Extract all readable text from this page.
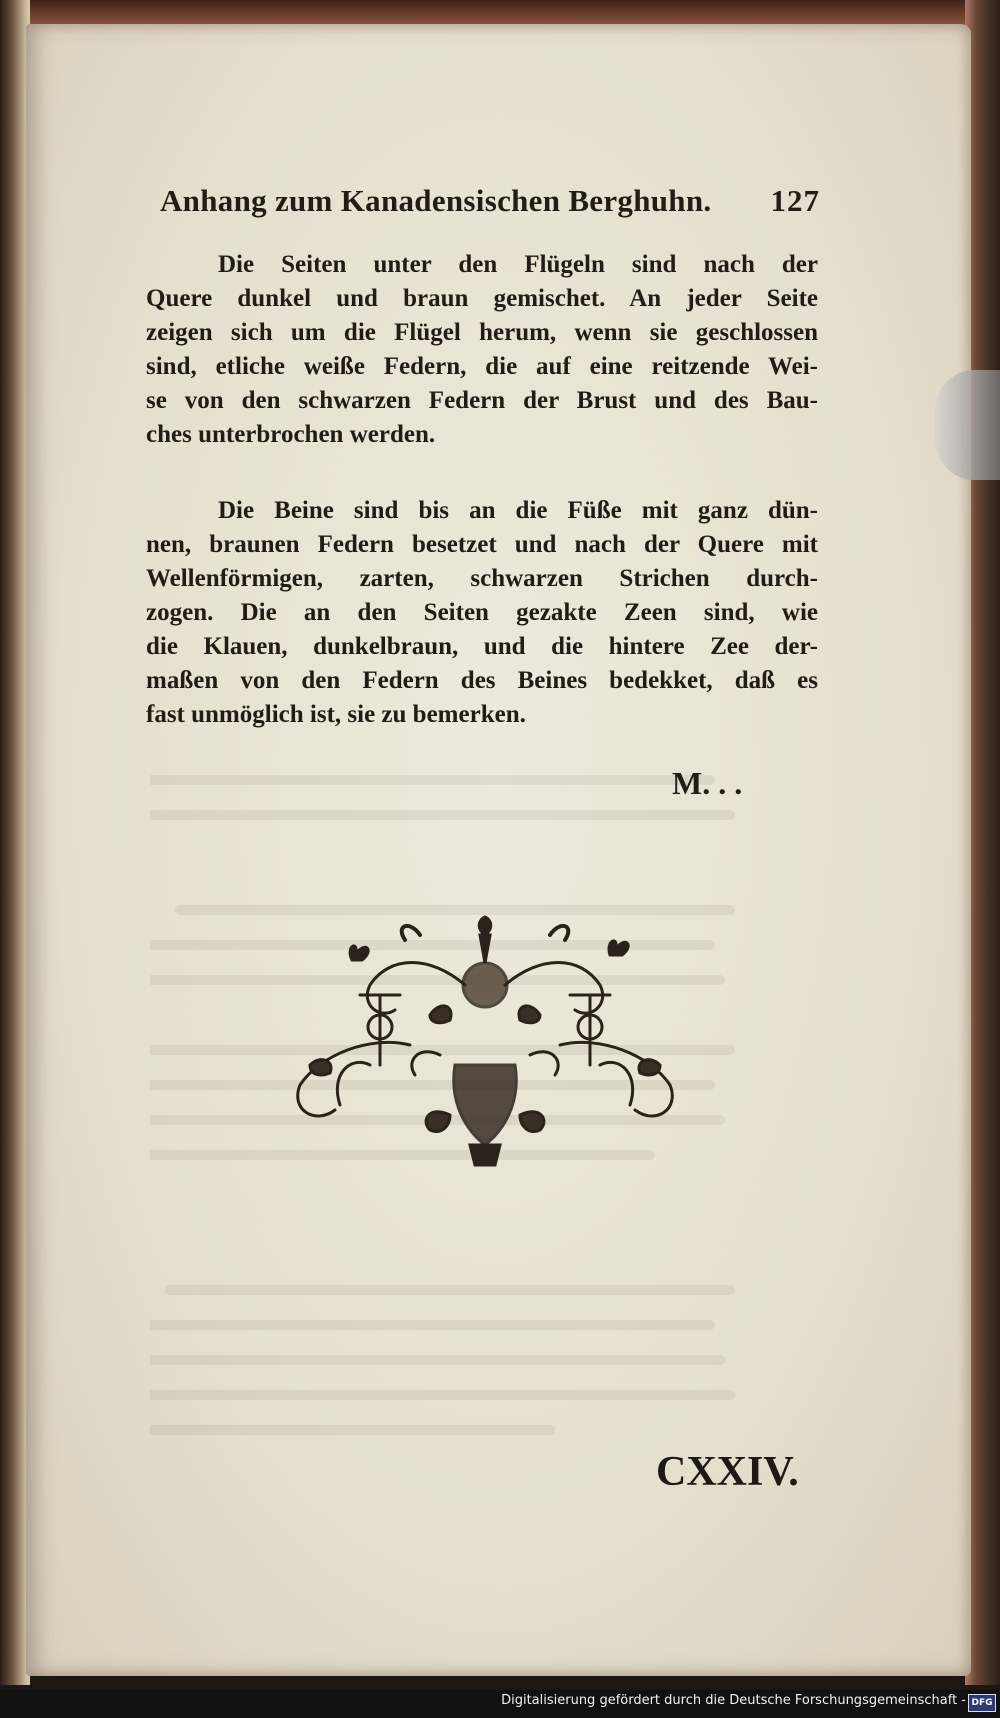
Anhang zum Kanadensischen Berghuhn. 127

Die Seiten unter den Flügeln sind nach der
Quere dunkel und braun gemischet. An jeder Seite
zeigen sich um die Flügel herum, wenn sie geschlossen
sind, etliche weiße Federn, die auf eine reitzende Wei-
se von den schwarzen Federn der Brust und des Bau-
ches unterbrochen werden.

Die Beine sind bis an die Füße mit ganz dün-
nen, braunen Federn besetzet und nach der Quere mit
Wellenförmigen, zarten, schwarzen Strichen durch-
zogen. Die an den Seiten gezakte Zeen sind, wie
die Klauen, dunkelbraun, und die hintere Zee der-
maßen von den Federn des Beines bedekket, daß es
fast unmöglich ist, sie zu bemerken.

M. . .
CXXIV.
Digitalisierung gefördert durch die Deutsche Forschungsgemeinschaft - DFG
